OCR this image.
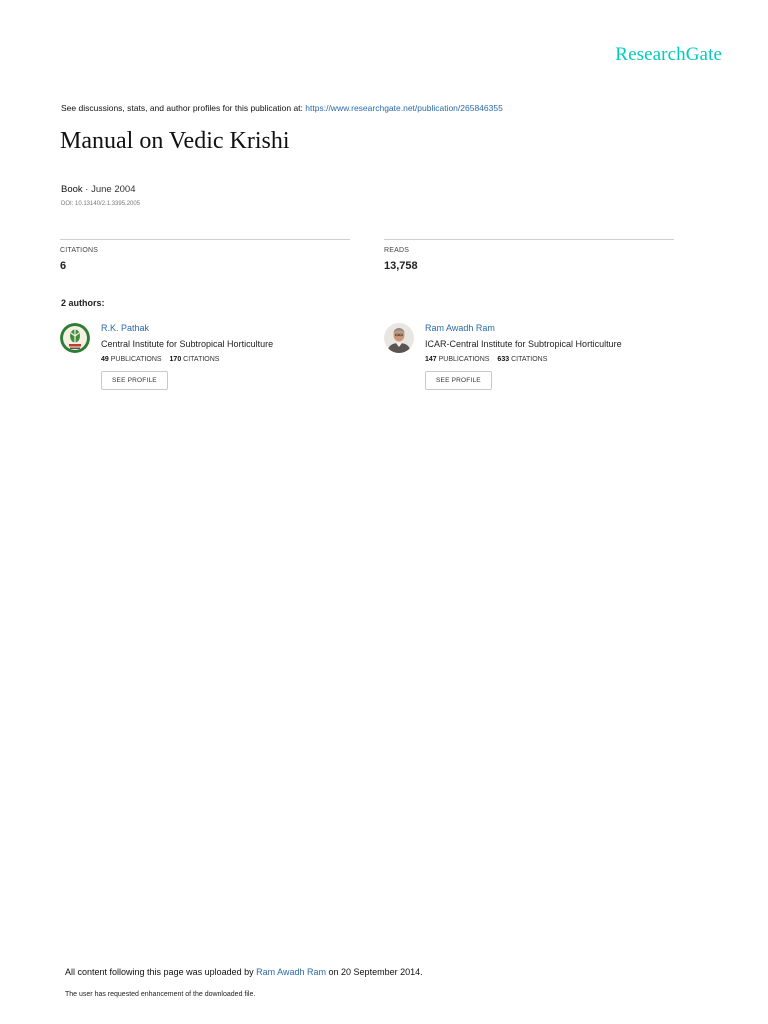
ResearchGate
See discussions, stats, and author profiles for this publication at: https://www.researchgate.net/publication/265846355
Manual on Vedic Krishi
Book · June 2004
DOI: 10.13140/2.1.3395.2005
CITATIONS
6
READS
13,758
2 authors:
R.K. Pathak
Central Institute for Subtropical Horticulture
49 PUBLICATIONS 170 CITATIONS
SEE PROFILE
Ram Awadh Ram
ICAR-Central Institute for Subtropical Horticulture
147 PUBLICATIONS 633 CITATIONS
SEE PROFILE
All content following this page was uploaded by Ram Awadh Ram on 20 September 2014.
The user has requested enhancement of the downloaded file.
